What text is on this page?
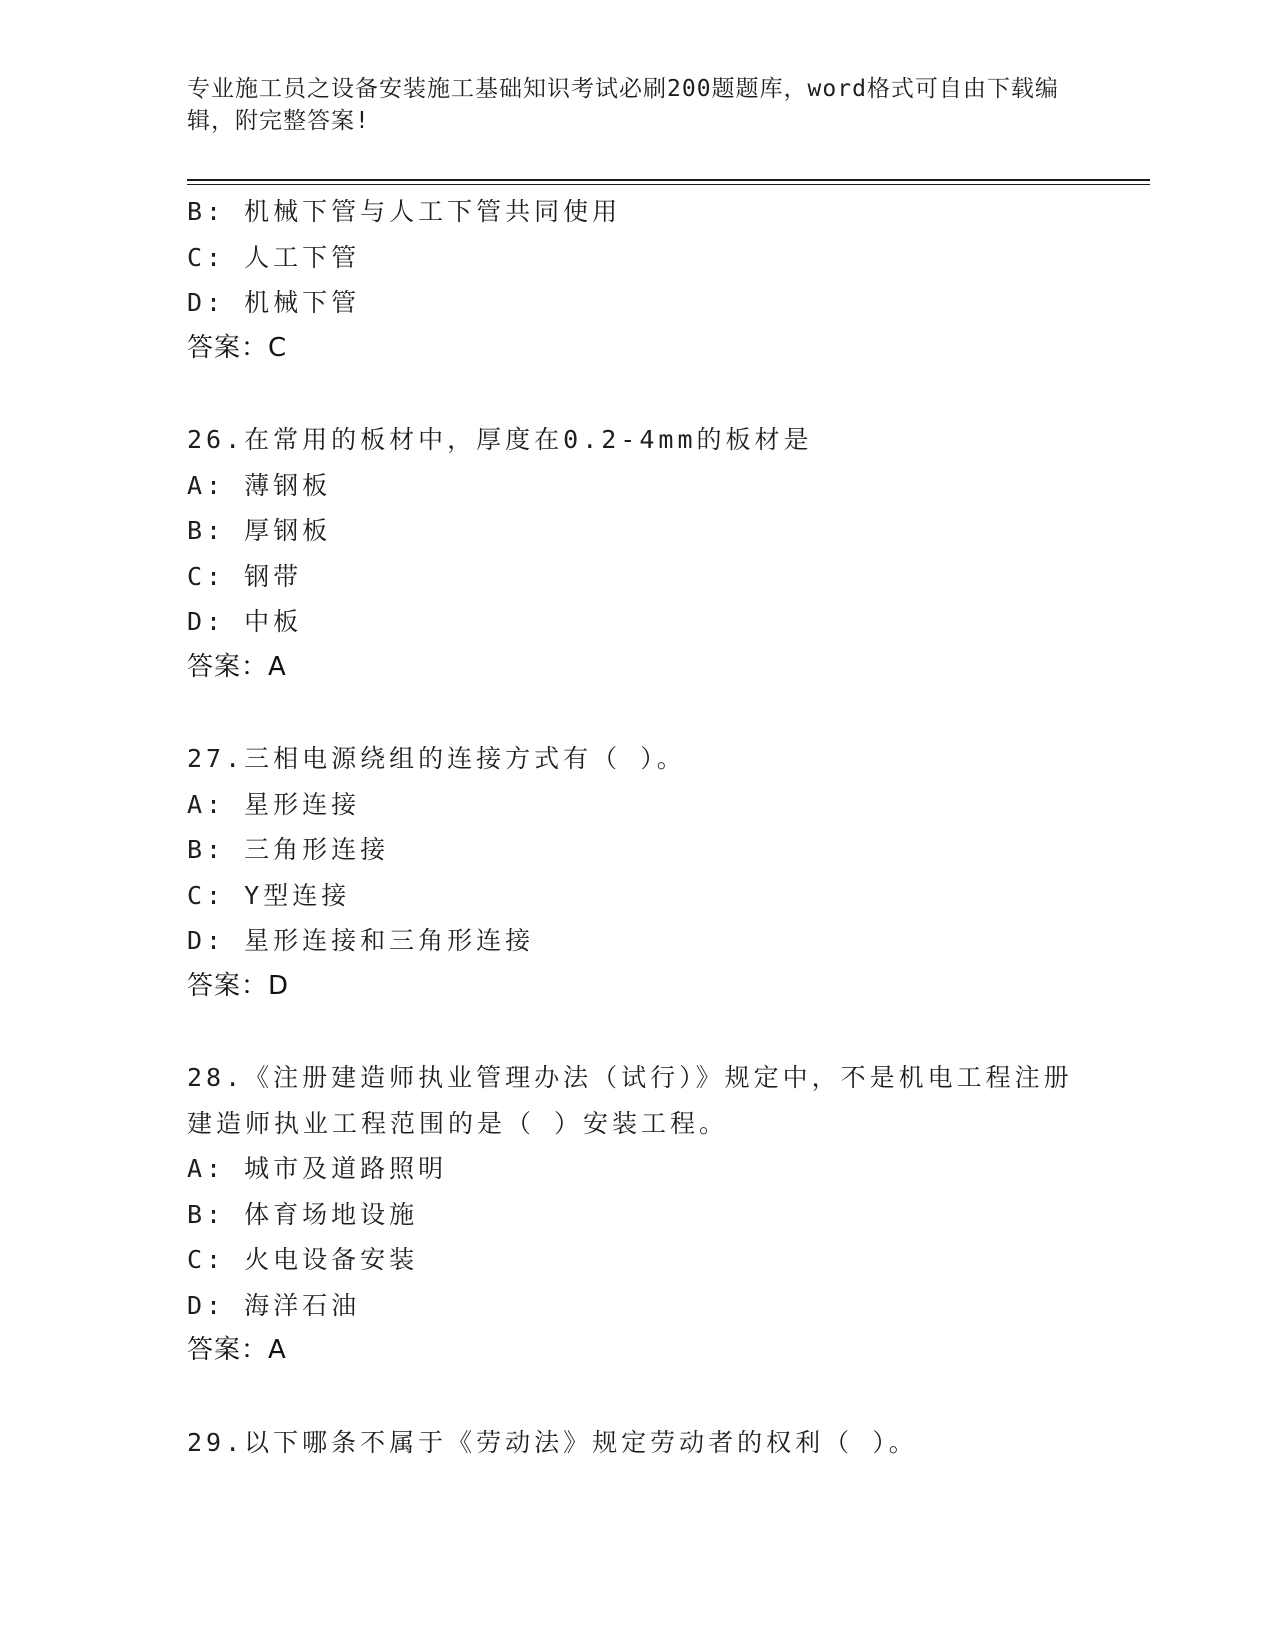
专业施工员之设备安装施工基础知识考试必刷200题题库，word格式可自由下载编辑，附完整答案!
B: 机械下管与人工下管共同使用
C: 人工下管
D: 机械下管
答案：C
26.在常用的板材中，厚度在0.2-4mm的板材是
A: 薄钢板
B: 厚钢板
C: 钢带
D: 中板
答案：A
27.三相电源绕组的连接方式有（ ）。
A: 星形连接
B: 三角形连接
C: Y型连接
D: 星形连接和三角形连接
答案：D
28.《注册建造师执业管理办法（试行）》规定中，不是机电工程注册
建造师执业工程范围的是（ ）安装工程。
A: 城市及道路照明
B: 体育场地设施
C: 火电设备安装
D: 海洋石油
答案：A
29.以下哪条不属于《劳动法》规定劳动者的权利（ ）。
